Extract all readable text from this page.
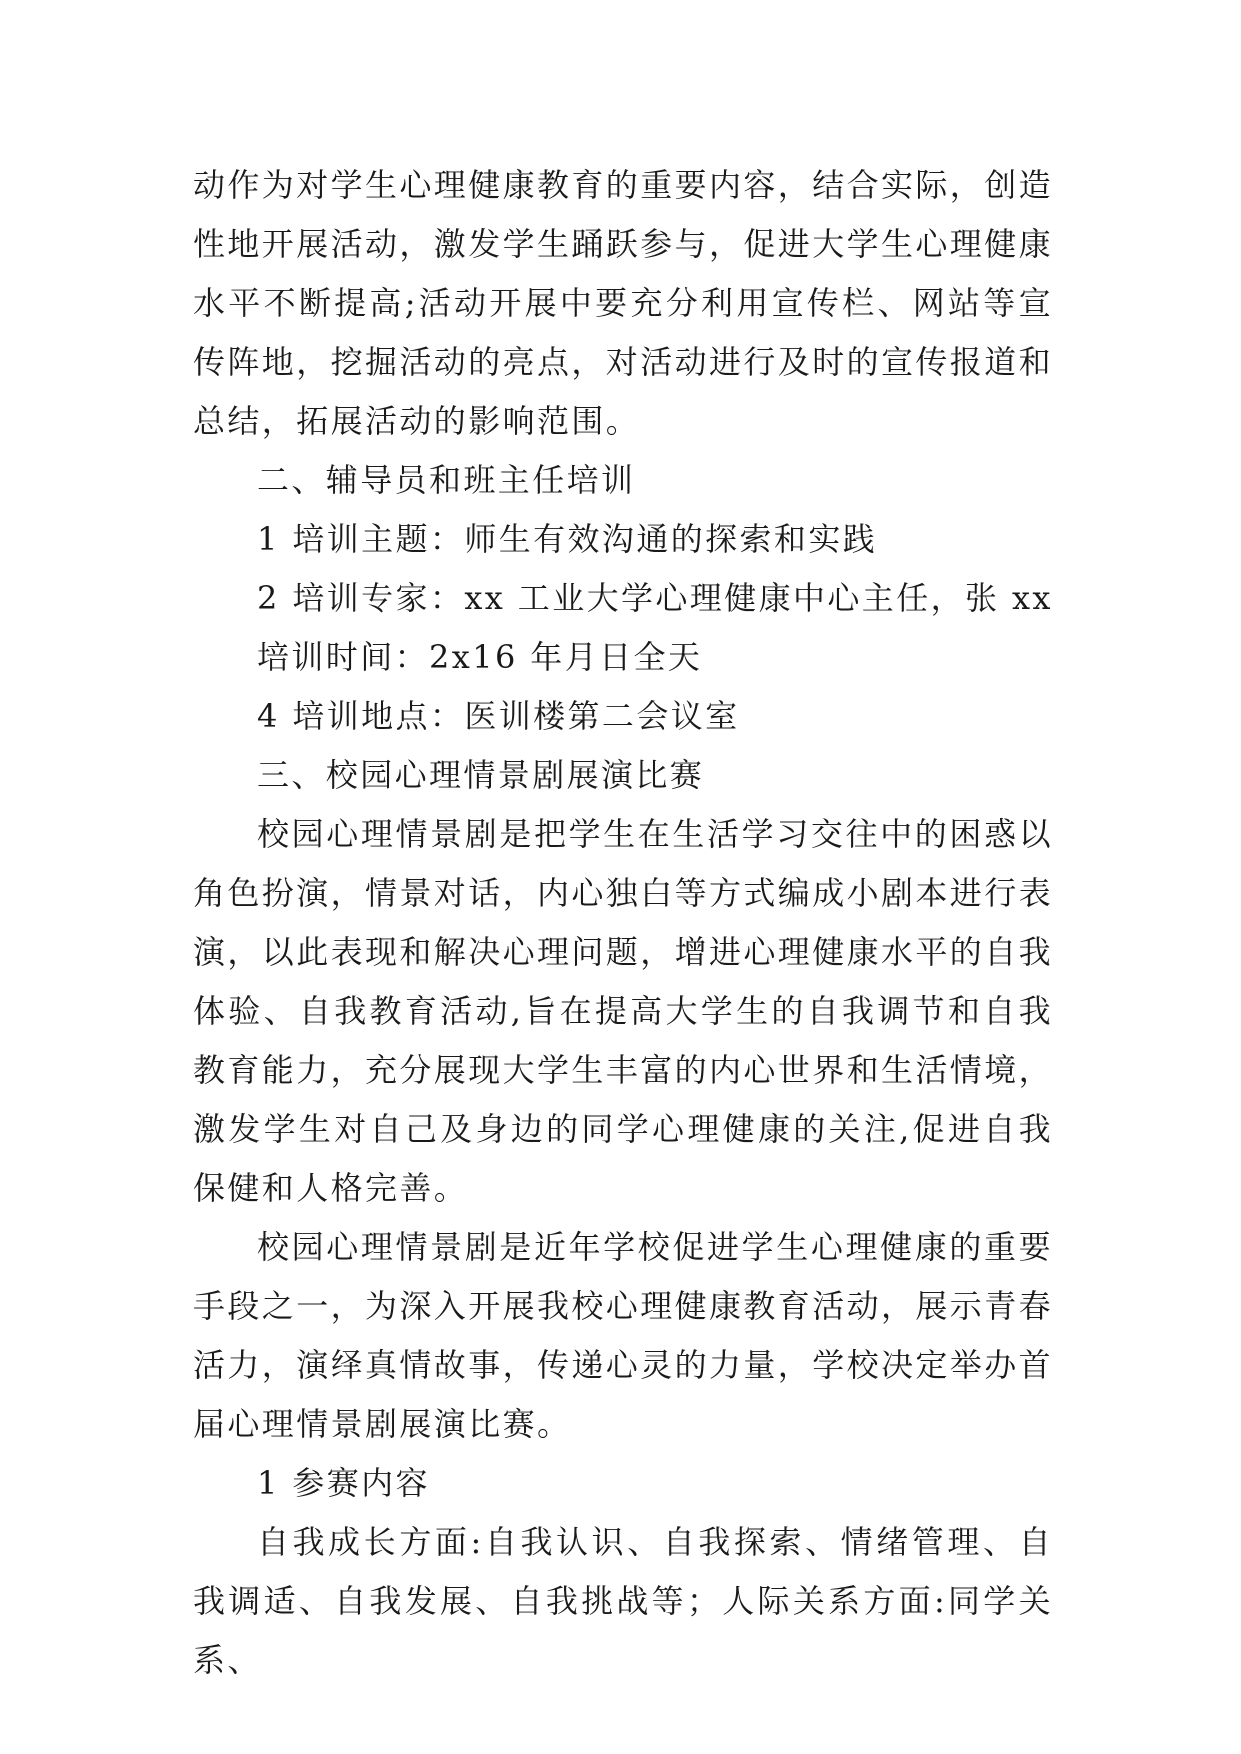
动作为对学生心理健康教育的重要内容，结合实际，创造性地开展活动，激发学生踊跃参与，促进大学生心理健康水平不断提高;活动开展中要充分利用宣传栏、网站等宣传阵地，挖掘活动的亮点，对活动进行及时的宣传报道和总结，拓展活动的影响范围。

二、辅导员和班主任培训

1 培训主题：师生有效沟通的探索和实践

2 培训专家：xx 工业大学心理健康中心主任，张 xx

培训时间：2x16 年月日全天

4 培训地点：医训楼第二会议室

三、校园心理情景剧展演比赛

校园心理情景剧是把学生在生活学习交往中的困惑以角色扮演，情景对话，内心独白等方式编成小剧本进行表演，以此表现和解决心理问题，增进心理健康水平的自我体验、自我教育活动,旨在提高大学生的自我调节和自我教育能力，充分展现大学生丰富的内心世界和生活情境，激发学生对自己及身边的同学心理健康的关注,促进自我保健和人格完善。

校园心理情景剧是近年学校促进学生心理健康的重要手段之一，为深入开展我校心理健康教育活动，展示青春活力，演绎真情故事，传递心灵的力量，学校决定举办首届心理情景剧展演比赛。

1 参赛内容

自我成长方面:自我认识、自我探索、情绪管理、自我调适、自我发展、自我挑战等；人际关系方面:同学关系、
